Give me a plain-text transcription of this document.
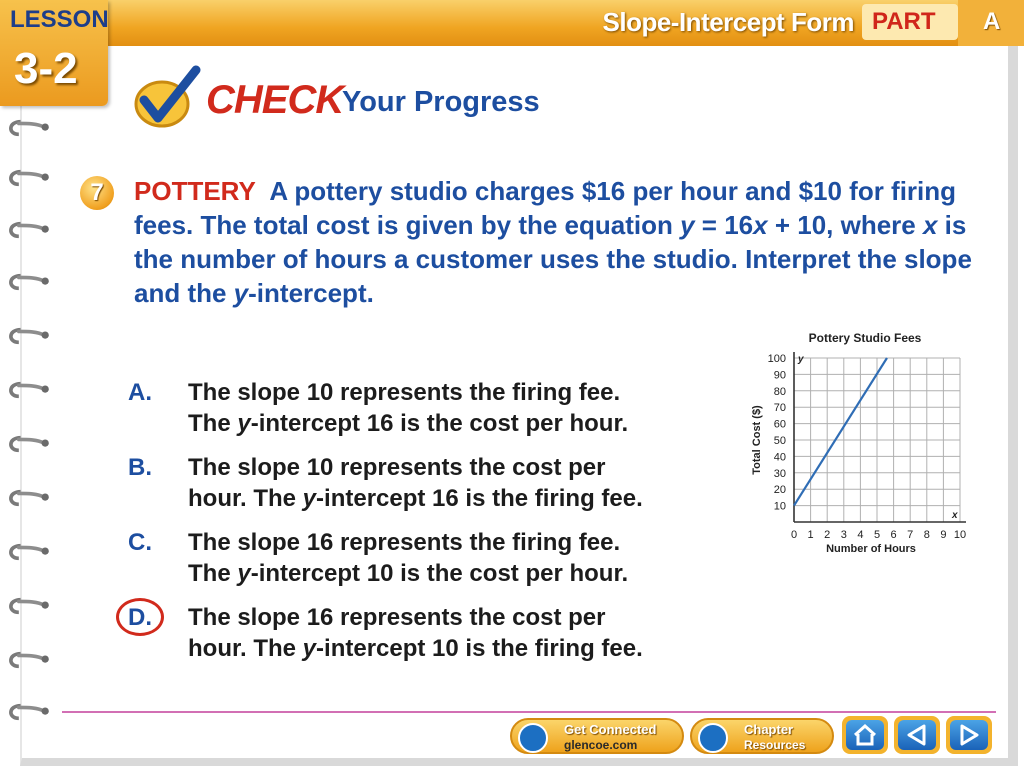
Slope-Intercept Form PART A
LESSON
3-2
CHECK
Your Progress
7	POTTERY A pottery studio charges $16 per hour and $10 for firing fees. The total cost is given by the equation y = 16x + 10, where x is the number of hours a customer uses the studio. Interpret the slope and the y-intercept.
A. The slope 10 represents the firing fee.
The y-intercept 16 is the cost per hour.
B. The slope 10 represents the cost per
hour. The y-intercept 16 is the firing fee.
C. The slope 16 represents the firing fee.
The y-intercept 10 is the cost per hour.
D. The slope 16 represents the cost per
hour. The y-intercept 10 is the firing fee.
Pottery Studio Fees
10
20
30
40
50
60
70
80
90
100
0 1 2 3 4 5 6 7 8 9 10
y
x
Number of Hours
Total Cost ($)
Get Connected
glencoe.com
Chapter
Resources
